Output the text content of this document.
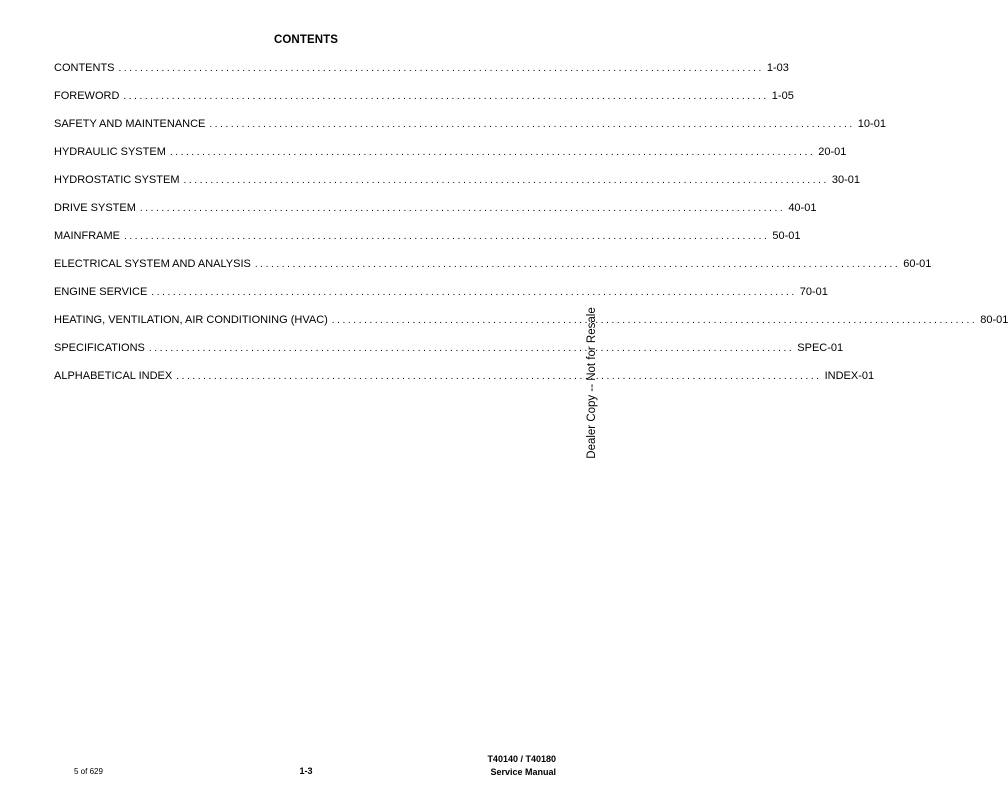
CONTENTS
CONTENTS ........................................................................................................................ 1-03
FOREWORD ........................................................................................................................ 1-05
SAFETY AND MAINTENANCE ........................................................................................................................ 10-01
HYDRAULIC SYSTEM ........................................................................................................................ 20-01
HYDROSTATIC SYSTEM ........................................................................................................................ 30-01
DRIVE SYSTEM ........................................................................................................................ 40-01
MAINFRAME ........................................................................................................................ 50-01
ELECTRICAL SYSTEM AND ANALYSIS ........................................................................................................................ 60-01
ENGINE SERVICE ........................................................................................................................ 70-01
HEATING, VENTILATION, AIR CONDITIONING (HVAC) ........................................................................................................................ 80-01
SPECIFICATIONS ........................................................................................................................ SPEC-01
ALPHABETICAL INDEX ........................................................................................................................ INDEX-01
Dealer Copy -- Not for Resale
5 of 629	1-3
T40140 / T40180
Service Manual
